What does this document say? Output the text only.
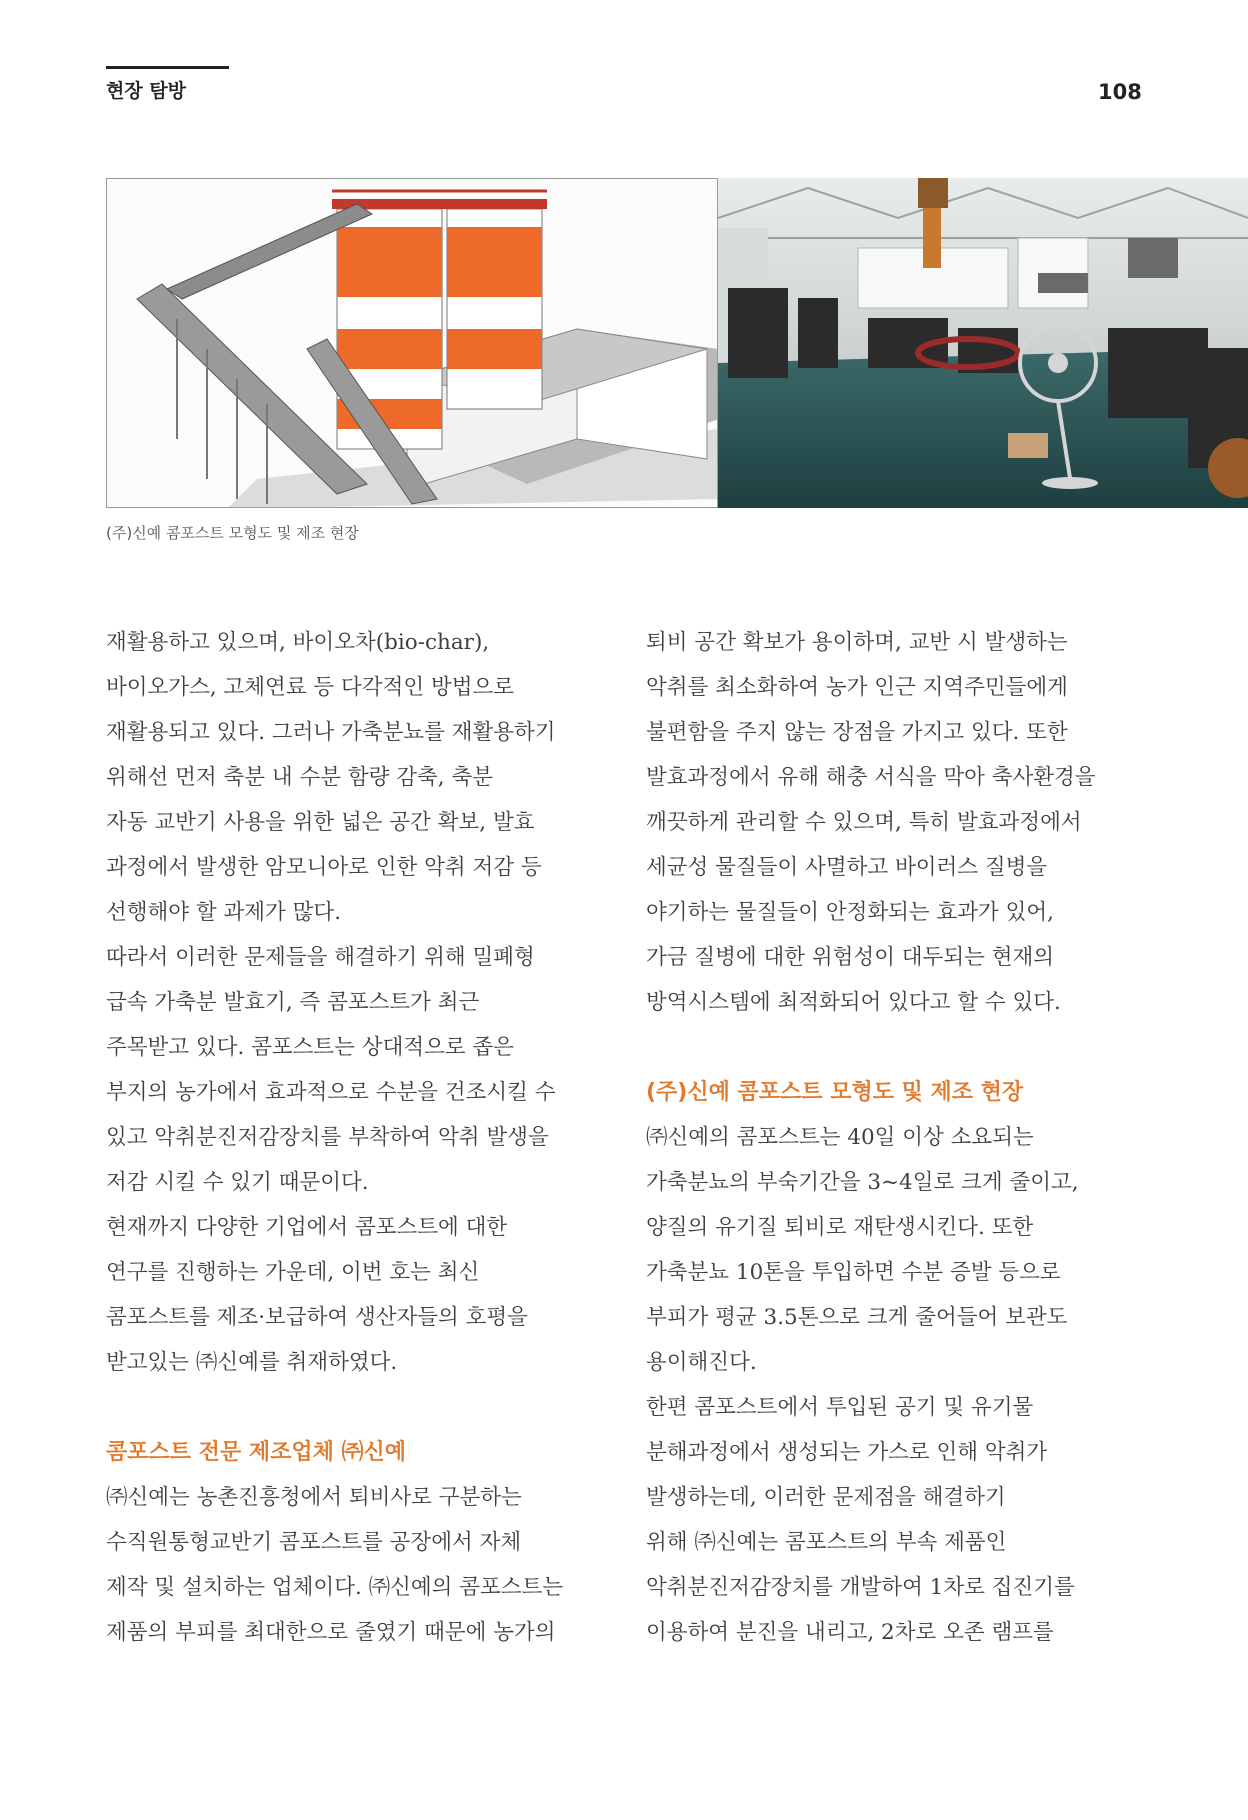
현장 탐방	108
(주)신예 콤포스트 모형도 및 제조 현장
재활용하고 있으며, 바이오차(bio-char),
바이오가스, 고체연료 등 다각적인 방법으로
재활용되고 있다. 그러나 가축분뇨를 재활용하기
위해선 먼저 축분 내 수분 함량 감축, 축분
자동 교반기 사용을 위한 넓은 공간 확보, 발효
과정에서 발생한 암모니아로 인한 악취 저감 등
선행해야 할 과제가 많다.
따라서 이러한 문제들을 해결하기 위해 밀폐형
급속 가축분 발효기, 즉 콤포스트가 최근
주목받고 있다. 콤포스트는 상대적으로 좁은
부지의 농가에서 효과적으로 수분을 건조시킬 수
있고 악취분진저감장치를 부착하여 악취 발생을
저감 시킬 수 있기 때문이다.
현재까지 다양한 기업에서 콤포스트에 대한
연구를 진행하는 가운데, 이번 호는 최신
콤포스트를 제조·보급하여 생산자들의 호평을
받고있는 ㈜신예를 취재하였다.
콤포스트 전문 제조업체 ㈜신예
㈜신예는 농촌진흥청에서 퇴비사로 구분하는
수직원통형교반기 콤포스트를 공장에서 자체
제작 및 설치하는 업체이다. ㈜신예의 콤포스트는
제품의 부피를 최대한으로 줄였기 때문에 농가의
퇴비 공간 확보가 용이하며, 교반 시 발생하는
악취를 최소화하여 농가 인근 지역주민들에게
불편함을 주지 않는 장점을 가지고 있다. 또한
발효과정에서 유해 해충 서식을 막아 축사환경을
깨끗하게 관리할 수 있으며, 특히 발효과정에서
세균성 물질들이 사멸하고 바이러스 질병을
야기하는 물질들이 안정화되는 효과가 있어,
가금 질병에 대한 위험성이 대두되는 현재의
방역시스템에 최적화되어 있다고 할 수 있다.
(주)신예 콤포스트 모형도 및 제조 현장
㈜신예의 콤포스트는 40일 이상 소요되는
가축분뇨의 부숙기간을 3~4일로 크게 줄이고,
양질의 유기질 퇴비로 재탄생시킨다. 또한
가축분뇨 10톤을 투입하면 수분 증발 등으로
부피가 평균 3.5톤으로 크게 줄어들어 보관도
용이해진다.
한편 콤포스트에서 투입된 공기 및 유기물
분해과정에서 생성되는 가스로 인해 악취가
발생하는데, 이러한 문제점을 해결하기
위해 ㈜신예는 콤포스트의 부속 제품인
악취분진저감장치를 개발하여 1차로 집진기를
이용하여 분진을 내리고, 2차로 오존 램프를
